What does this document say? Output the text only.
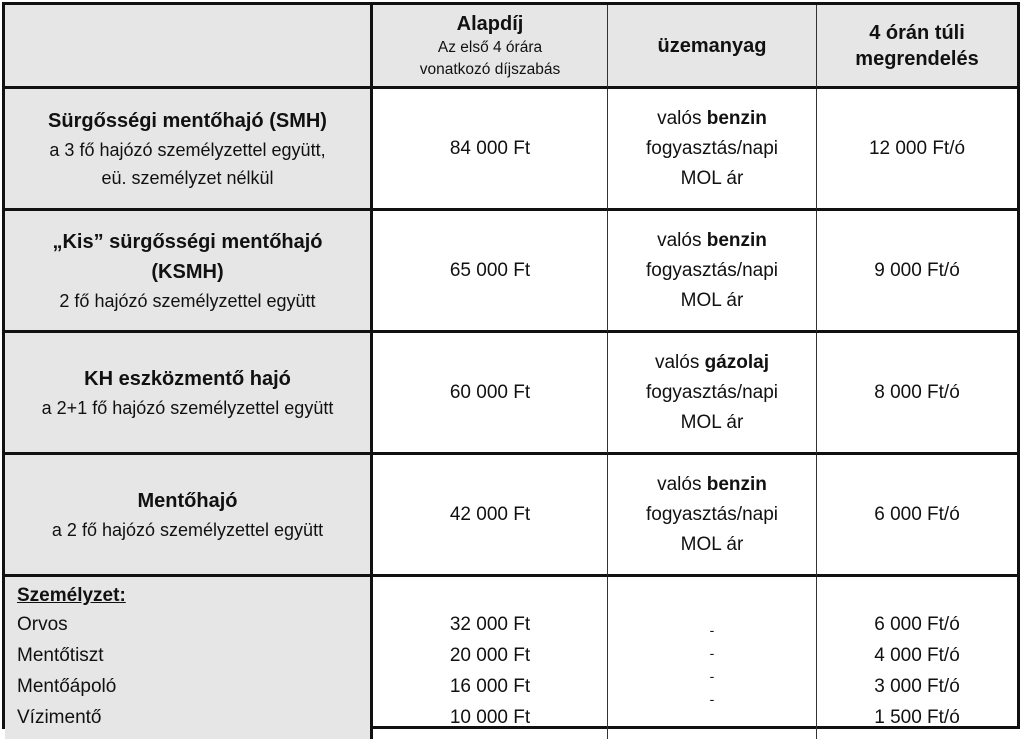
Alapdíj
Az első 4 órára
vonatkozó díjszabás
üzemanyag
4 órán túli
megrendelés
Sürgősségi mentőhajó (SMH)
a 3 fő hajózó személyzettel együtt,
eü. személyzet nélkül
84 000 Ft
valós benzin
fogyasztás/napi
MOL ár
12 000 Ft/ó
„Kis” sürgősségi mentőhajó
(KSMH)
2 fő hajózó személyzettel együtt
65 000 Ft
valós benzin
fogyasztás/napi
MOL ár
9 000 Ft/ó
KH eszközmentő hajó
a 2+1 fő hajózó személyzettel együtt
60 000 Ft
valós gázolaj
fogyasztás/napi
MOL ár
8 000 Ft/ó
Mentőhajó
a 2 fő hajózó személyzettel együtt
42 000 Ft
valós benzin
fogyasztás/napi
MOL ár
6 000 Ft/ó
Személyzet:
Orvos
Mentőtiszt
Mentőápoló
Vízimentő
32 000 Ft
20 000 Ft
16 000 Ft
10 000 Ft
-
-
-
-
6 000 Ft/ó
4 000 Ft/ó
3 000 Ft/ó
1 500 Ft/ó
